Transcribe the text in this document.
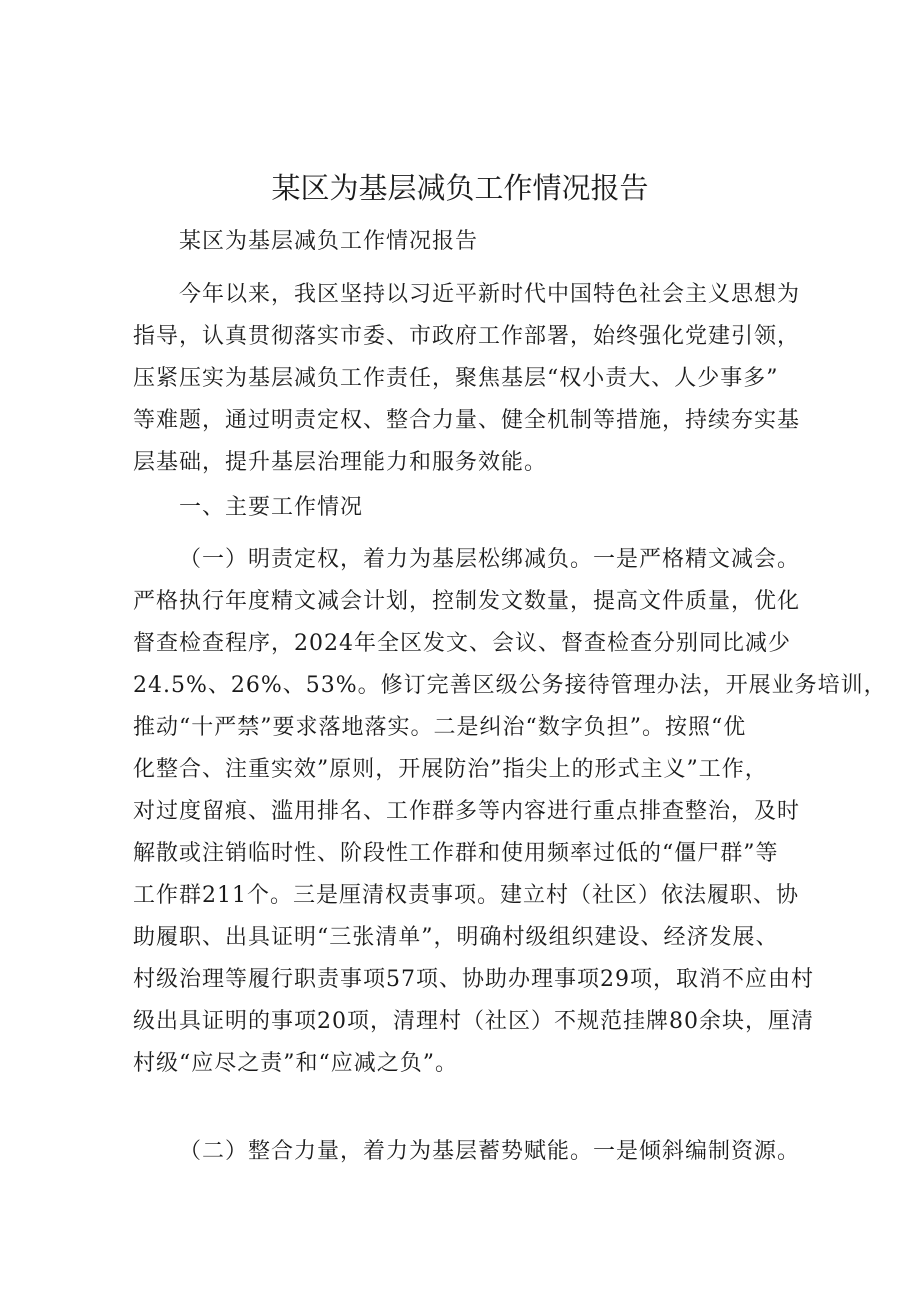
某区为基层减负工作情况报告

某区为基层减负工作情况报告

今年以来，我区坚持以习近平新时代中国特色社会主义思想为
指导，认真贯彻落实市委、市政府工作部署，始终强化党建引领，
压紧压实为基层减负工作责任，聚焦基层“权小责大、人少事多”
等难题，通过明责定权、整合力量、健全机制等措施，持续夯实基
层基础，提升基层治理能力和服务效能。

一、主要工作情况

（一）明责定权，着力为基层松绑减负。一是严格精文减会。
严格执行年度精文减会计划，控制发文数量，提高文件质量，优化
督查检查程序，2024年全区发文、会议、督查检查分别同比减少
24.5%、26%、53%。修订完善区级公务接待管理办法，开展业务培训，
推动“十严禁”要求落地落实。二是纠治“数字负担”。按照“优
化整合、注重实效”原则，开展防治”指尖上的形式主义”工作，
对过度留痕、滥用排名、工作群多等内容进行重点排查整治，及时
解散或注销临时性、阶段性工作群和使用频率过低的“僵尸群”等
工作群211个。三是厘清权责事项。建立村（社区）依法履职、协
助履职、出具证明“三张清单”，明确村级组织建设、经济发展、
村级治理等履行职责事项57项、协助办理事项29项，取消不应由村
级出具证明的事项20项，清理村（社区）不规范挂牌80余块，厘清
村级“应尽之责”和“应减之负”。

（二）整合力量，着力为基层蓄势赋能。一是倾斜编制资源。
